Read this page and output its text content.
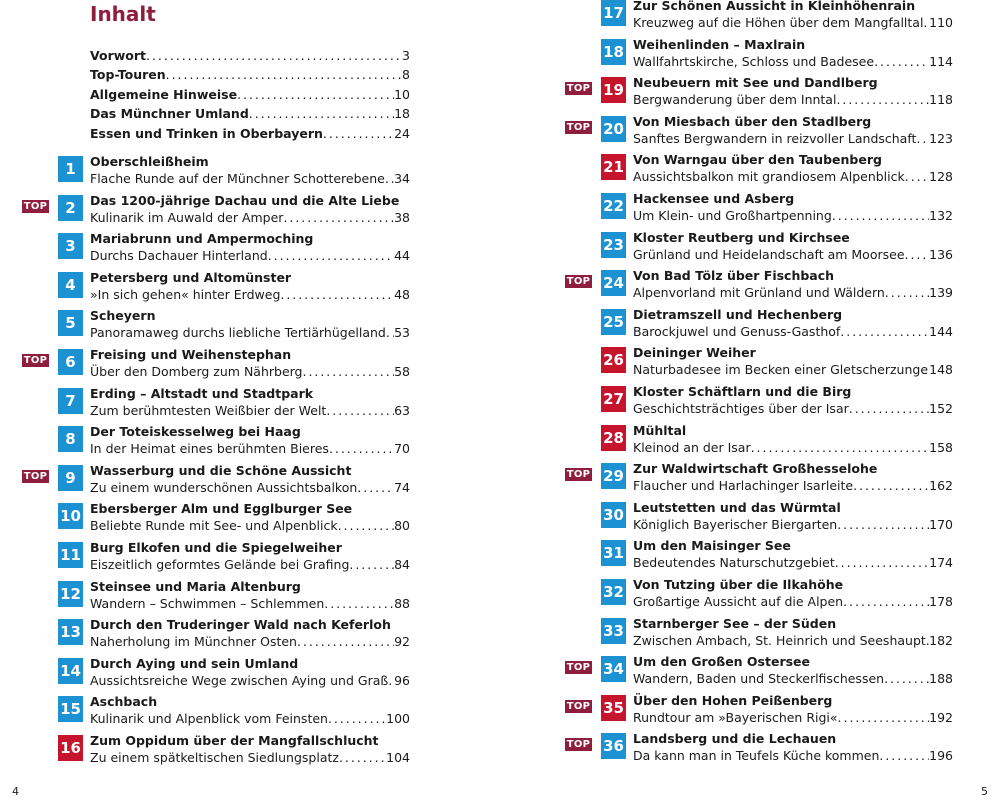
Inhalt
Vorwort . . .	3
Top-Touren . . .	8
Allgemeine Hinweise . . .	10
Das Münchner Umland . . .	18
Essen und Trinken in Oberbayern . . .	24
1	Oberschleißheim
Flache Runde auf der Münchner Schotterebene . . . 34
TOP	2	Das 1200-jährige Dachau und die Alte Liebe
Kulinarik im Auwald der Amper . . .	38
3	Mariabrunn und Ampermoching
Durchs Dachauer Hinterland . . .	44
4	Petersberg und Altomünster
»In sich gehen« hinter Erdweg . . .	48
5	Scheyern
Panoramaweg durchs liebliche Tertiärhügelland . . . 53
TOP	6	Freising und Weihenstephan
Über den Domberg zum Nährberg . . .	58
7	Erding – Altstadt und Stadtpark
Zum berühmtesten Weißbier der Welt . . .	63
8	Der Toteiskesselweg bei Haag
In der Heimat eines berühmten Bieres . . .	70
TOP	9	Wasserburg und die Schöne Aussicht
Zu einem wunderschönen Aussichtsbalkon . . .	74
10 Ebersberger Alm und Egglburger See
Beliebte Runde mit See- und Alpenblick . . .	80
11 Burg Elkofen und die Spiegelweiher
Eiszeitlich geformtes Gelände bei Grafing . . .	84
12 Steinsee und Maria Altenburg
Wandern – Schwimmen – Schlemmen . . .	88
13 Durch den Truderinger Wald nach Keferloh
Naherholung im Münchner Osten . . .	92
14 Durch Aying und sein Umland
Aussichtsreiche Wege zwischen Aying und Graß . . . 96
15 Aschbach
Kulinarik und Alpenblick vom Feinsten . . .	100
16 Zum Oppidum über der Mangfallschlucht
Zu einem spätkeltischen Siedlungsplatz . . .	104
4
17 Zur Schönen Aussicht in Kleinhöhenrain
Kreuzweg auf die Höhen über dem Mangfalltal . . . 110
18 Weihenlinden – Maxlrain
Wallfahrtskirche, Schloss und Badesee . . .	114
TOP 19 Neubeuern mit See und Dandlberg
Bergwanderung über dem Inntal . . .	118
TOP 20 Von Miesbach über den Stadlberg
Sanftes Bergwandern in reizvoller Landschaft . . . 123
21 Von Warngau über den Taubenberg
Aussichtsbalkon mit grandiosem Alpenblick . . . 128
22 Hackensee und Asberg
Um Klein- und Großhartpenning . . .	132
23 Kloster Reutberg und Kirchsee
Grünland und Heidelandschaft am Moorsee . . . 136
TOP 24 Von Bad Tölz über Fischbach
Alpenvorland mit Grünland und Wäldern . . .	139
25 Dietramszell und Hechenberg
Barockjuwel und Genuss-Gasthof . . .	144
26 Deininger Weiher
Naturbadesee im Becken einer Gletscherzunge . . . 148
27 Kloster Schäftlarn und die Birg
Geschichtsträchtiges über der Isar . . .	152
28 Mühltal
Kleinod an der Isar . . .	158
TOP 29 Zur Waldwirtschaft Großhesselohe
Flaucher und Harlachinger Isarleite . . .	162
30 Leutstetten und das Würmtal
Königlich Bayerischer Biergarten . . .	170
31 Um den Maisinger See
Bedeutendes Naturschutzgebiet . . .	174
32 Von Tutzing über die Ilkahöhe
Großartige Aussicht auf die Alpen . . .	178
33 Starnberger See – der Süden
Zwischen Ambach, St. Heinrich und Seeshaupt . . . 182
TOP 34 Um den Großen Ostersee
Wandern, Baden und Steckerlfischessen . . .	188
TOP 35 Über den Hohen Peißenberg
Rundtour am »Bayerischen Rigi« . . .	192
TOP 36 Landsberg und die Lechauen
Da kann man in Teufels Küche kommen . . .	196
5
